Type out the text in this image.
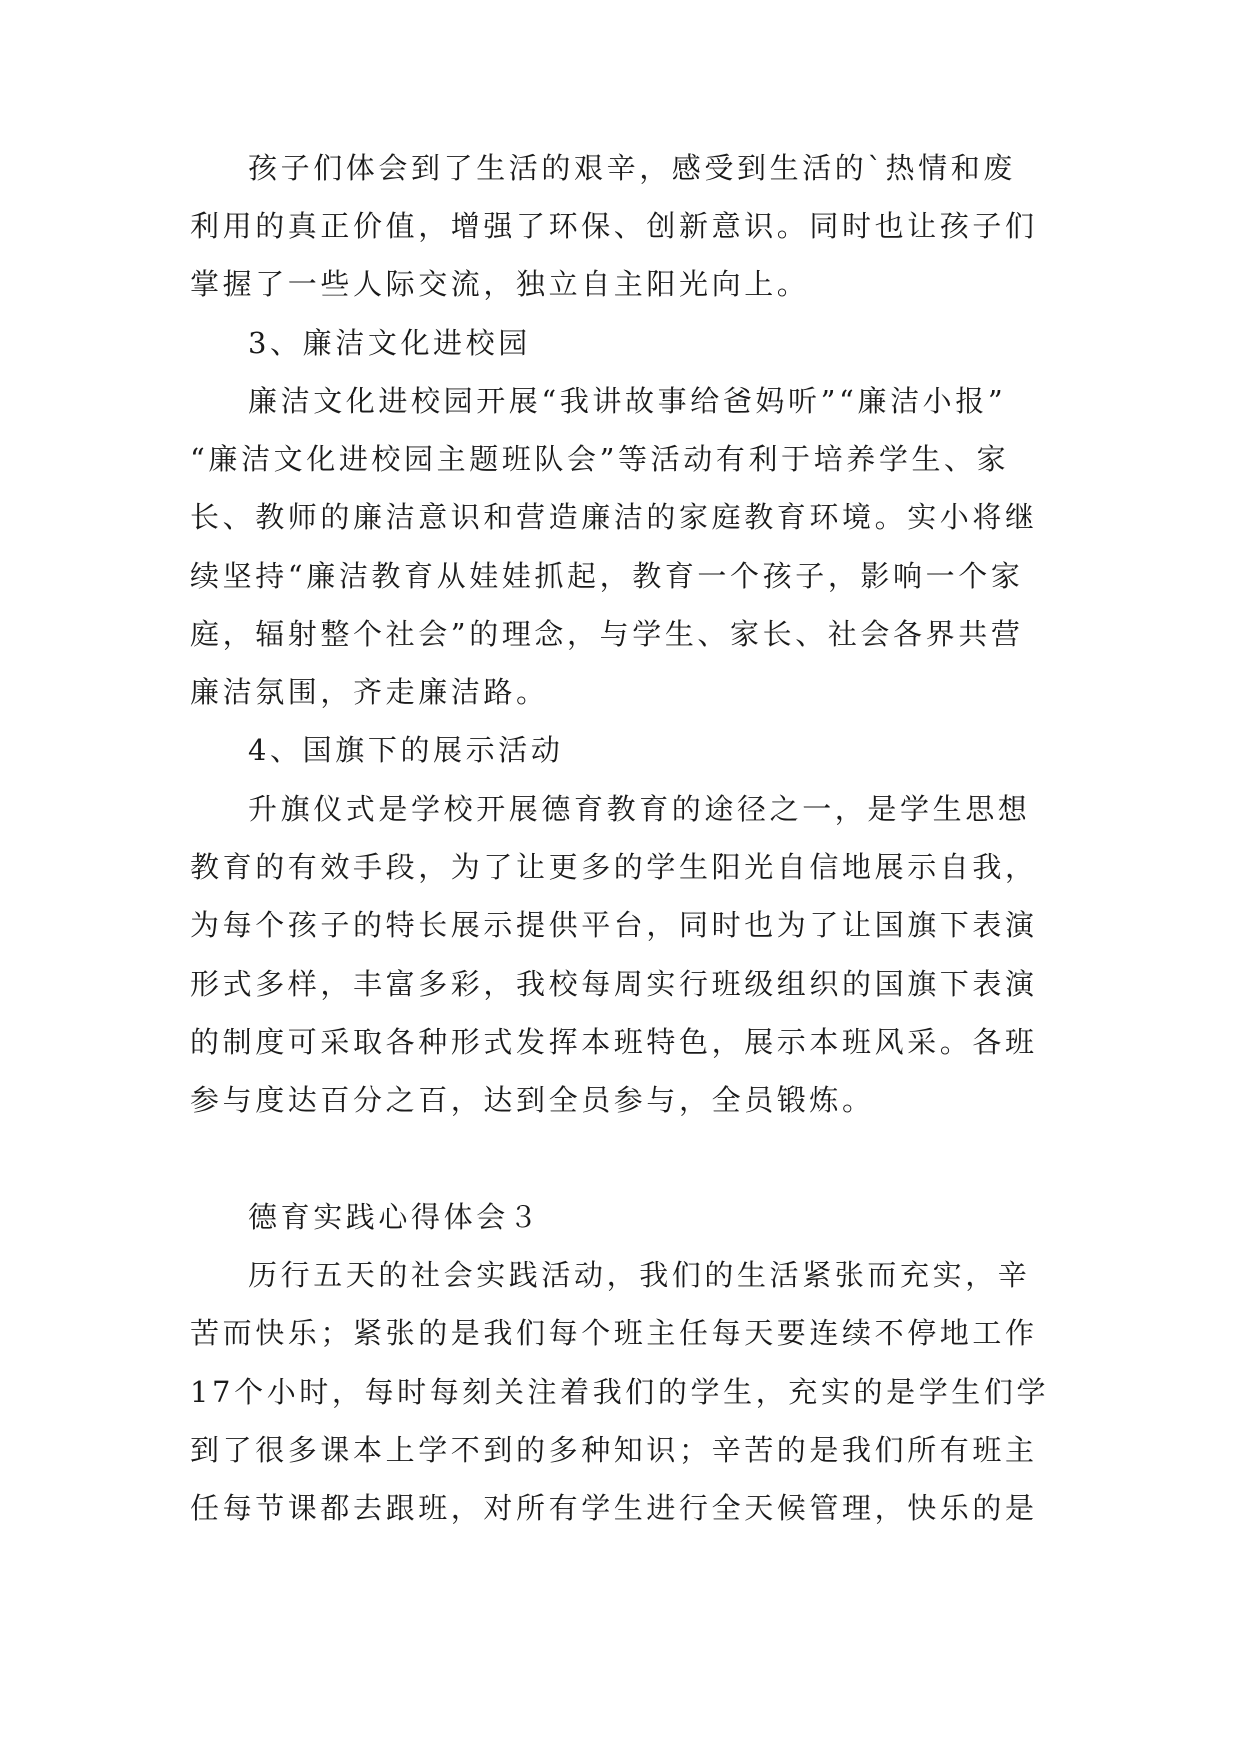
孩子们体会到了生活的艰辛，感受到生活的`热情和废
利用的真正价值，增强了环保、创新意识。同时也让孩子们
掌握了一些人际交流，独立自主阳光向上。
3、廉洁文化进校园
廉洁文化进校园开展“我讲故事给爸妈听”“廉洁小报”
“廉洁文化进校园主题班队会”等活动有利于培养学生、家
长、教师的廉洁意识和营造廉洁的家庭教育环境。实小将继
续坚持“廉洁教育从娃娃抓起，教育一个孩子，影响一个家
庭，辐射整个社会”的理念，与学生、家长、社会各界共营
廉洁氛围，齐走廉洁路。
4、国旗下的展示活动
升旗仪式是学校开展德育教育的途径之一，是学生思想
教育的有效手段，为了让更多的学生阳光自信地展示自我，
为每个孩子的特长展示提供平台，同时也为了让国旗下表演
形式多样，丰富多彩，我校每周实行班级组织的国旗下表演
的制度可采取各种形式发挥本班特色，展示本班风采。各班
参与度达百分之百，达到全员参与，全员锻炼。
德育实践心得体会３
历行五天的社会实践活动，我们的生活紧张而充实，辛
苦而快乐；紧张的是我们每个班主任每天要连续不停地工作
17个小时，每时每刻关注着我们的学生，充实的是学生们学
到了很多课本上学不到的多种知识；辛苦的是我们所有班主
任每节课都去跟班，对所有学生进行全天候管理，快乐的是
